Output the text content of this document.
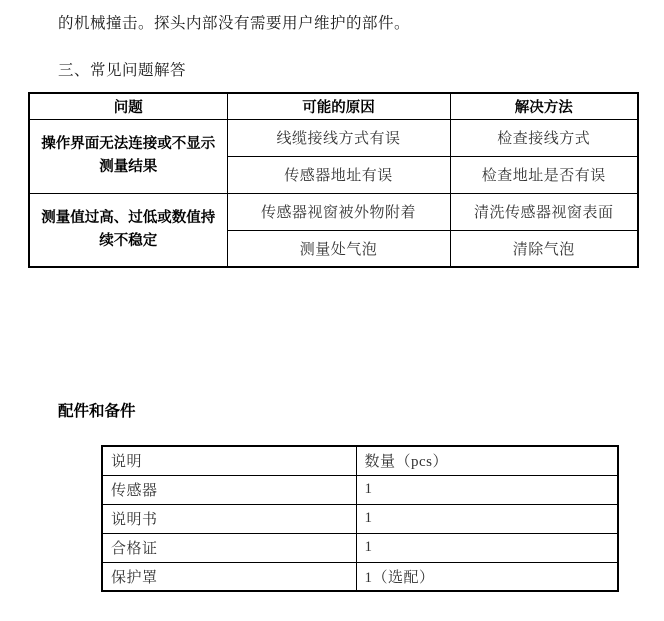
的机械撞击。探头内部没有需要用户维护的部件。
三、常见问题解答
问题	可能的原因	解决方法
操作界面无法连接或不显示测量结果	线缆接线方式有误	检查接线方式
	传感器地址有误	检查地址是否有误
测量值过高、过低或数值持续不稳定	传感器视窗被外物附着	清洗传感器视窗表面
	测量处气泡	清除气泡
配件和备件
说明	数量（pcs）
传感器	1
说明书	1
合格证	1
保护罩	1（选配）
